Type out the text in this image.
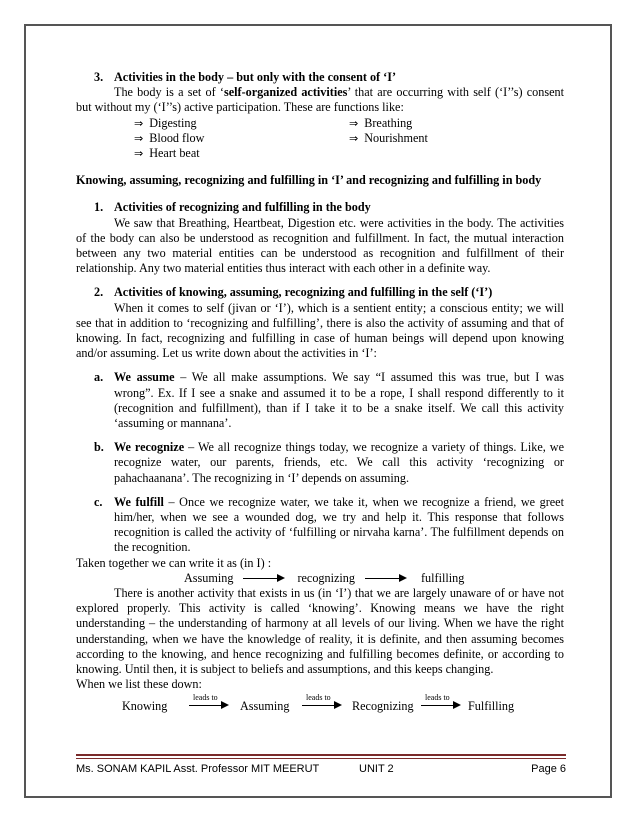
3. Activities in the body – but only with the consent of ‘I’

The body is a set of ‘self-organized activities’ that are occurring with self (‘I’’s) consent but without my (‘I’’s) active participation. These are functions like:

⇒ Digesting	⇒ Breathing
⇒ Blood flow	⇒ Nourishment
⇒ Heart beat

Knowing, assuming, recognizing and fulfilling in ‘I’ and recognizing and fulfilling in body

1. Activities of recognizing and fulfilling in the body

We saw that Breathing, Heartbeat, Digestion etc. were activities in the body. The activities of the body can also be understood as recognition and fulfillment. In fact, the mutual interaction between any two material entities can be understood as recognition and fulfillment of their relationship. Any two material entities thus interact with each other in a definite way.

2. Activities of knowing, assuming, recognizing and fulfilling in the self (‘I’)

When it comes to self (jivan or ‘I’), which is a sentient entity; a conscious entity; we will see that in addition to ‘recognizing and fulfilling’, there is also the activity of assuming and that of knowing. In fact, recognizing and fulfilling in case of human beings will depend upon knowing and/or assuming. Let us write down about the activities in ‘I’:

a. We assume – We all make assumptions. We say “I assumed this was true, but I was wrong”. Ex. If I see a snake and assumed it to be a rope, I shall respond differently to it (recognition and fulfillment), than if I take it to be a snake itself. We call this activity ‘assuming or mannana’.
b. We recognize – We all recognize things today, we recognize a variety of things. Like, we recognize water, our parents, friends, etc. We call this activity ‘recognizing or pahachaanana’. The recognizing in ‘I’ depends on assuming.
c. We fulfill – Once we recognize water, we take it, when we recognize a friend, we greet him/her, when we see a wounded dog, we try and help it. This response that follows recognition is called the activity of ‘fulfilling or nirvaha karna’. The fulfillment depends on the recognition.

Taken together we can write it as (in I) :

Assuming	recognizing	fulfilling

There is another activity that exists in us (in ‘I’) that we are largely unaware of or have not explored properly. This activity is called ‘knowing’. Knowing means we have the right understanding – the understanding of harmony at all levels of our living. When we have the right understanding, when we have the knowledge of reality, it is definite, and then assuming becomes according to the knowing, and hence recognizing and fulfilling becomes definite, or according to knowing. Until then, it is subject to beliefs and assumptions, and this keeps changing.

When we list these down:

Knowing
leads to
Assuming
leads to
Recognizing
leads to
Fulfilling
Ms. SONAM KAPIL Asst. Professor MIT MEERUT	UNIT 2	Page 6
